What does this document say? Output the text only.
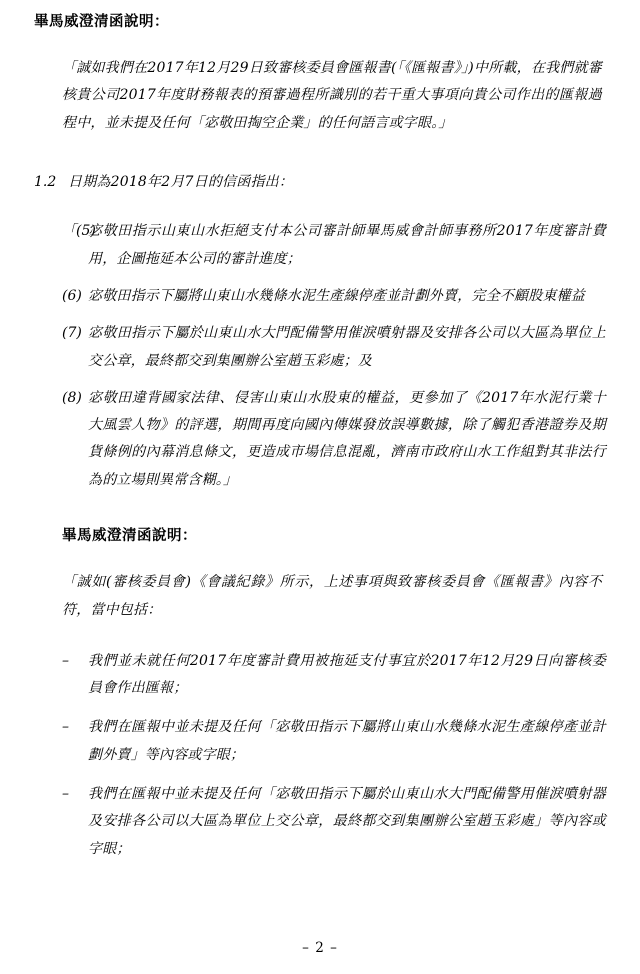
畢馬威澄清函說明：
「誠如我們在2017年12月29日致審核委員會匯報書(「《匯報書》」)中所載，在我們就審核貴公司2017年度財務報表的預審過程所識別的若干重大事項向貴公司作出的匯報過程中，並未提及任何「宓敬田掏空企業」的任何語言或字眼。」
1.2 日期為2018年2月7日的信函指出：
「(5)
宓敬田指示山東山水拒絕支付本公司審計師畢馬威會計師事務所2017年度審計費用，企圖拖延本公司的審計進度；
(6) 宓敬田指示下屬將山東山水幾條水泥生產線停產並計劃外賣，完全不顧股東權益
(7) 宓敬田指示下屬於山東山水大門配備警用催淚噴射器及安排各公司以大區為單位上交公章，最終都交到集團辦公室趙玉彩處；及
(8) 宓敬田違背國家法律、侵害山東山水股東的權益，更參加了《2017年水泥行業十大風雲人物》的評選，期間再度向國內傳媒發放誤導數據，除了觸犯香港證券及期貨條例的內幕消息條文，更造成市場信息混亂，濟南市政府山水工作組對其非法行為的立場則異常含糊。」
畢馬威澄清函說明：
「誠如(審核委員會)《會議紀錄》所示，上述事項與致審核委員會《匯報書》內容不符，當中包括：
–	我們並未就任何2017年度審計費用被拖延支付事宜於2017年12月29日向審核委員會作出匯報；
–	我們在匯報中並未提及任何「宓敬田指示下屬將山東山水幾條水泥生產線停產並計劃外賣」等內容或字眼；
–	我們在匯報中並未提及任何「宓敬田指示下屬於山東山水大門配備警用催淚噴射器及安排各公司以大區為單位上交公章，最終都交到集團辦公室趙玉彩處」等內容或字眼；
– 2 –
